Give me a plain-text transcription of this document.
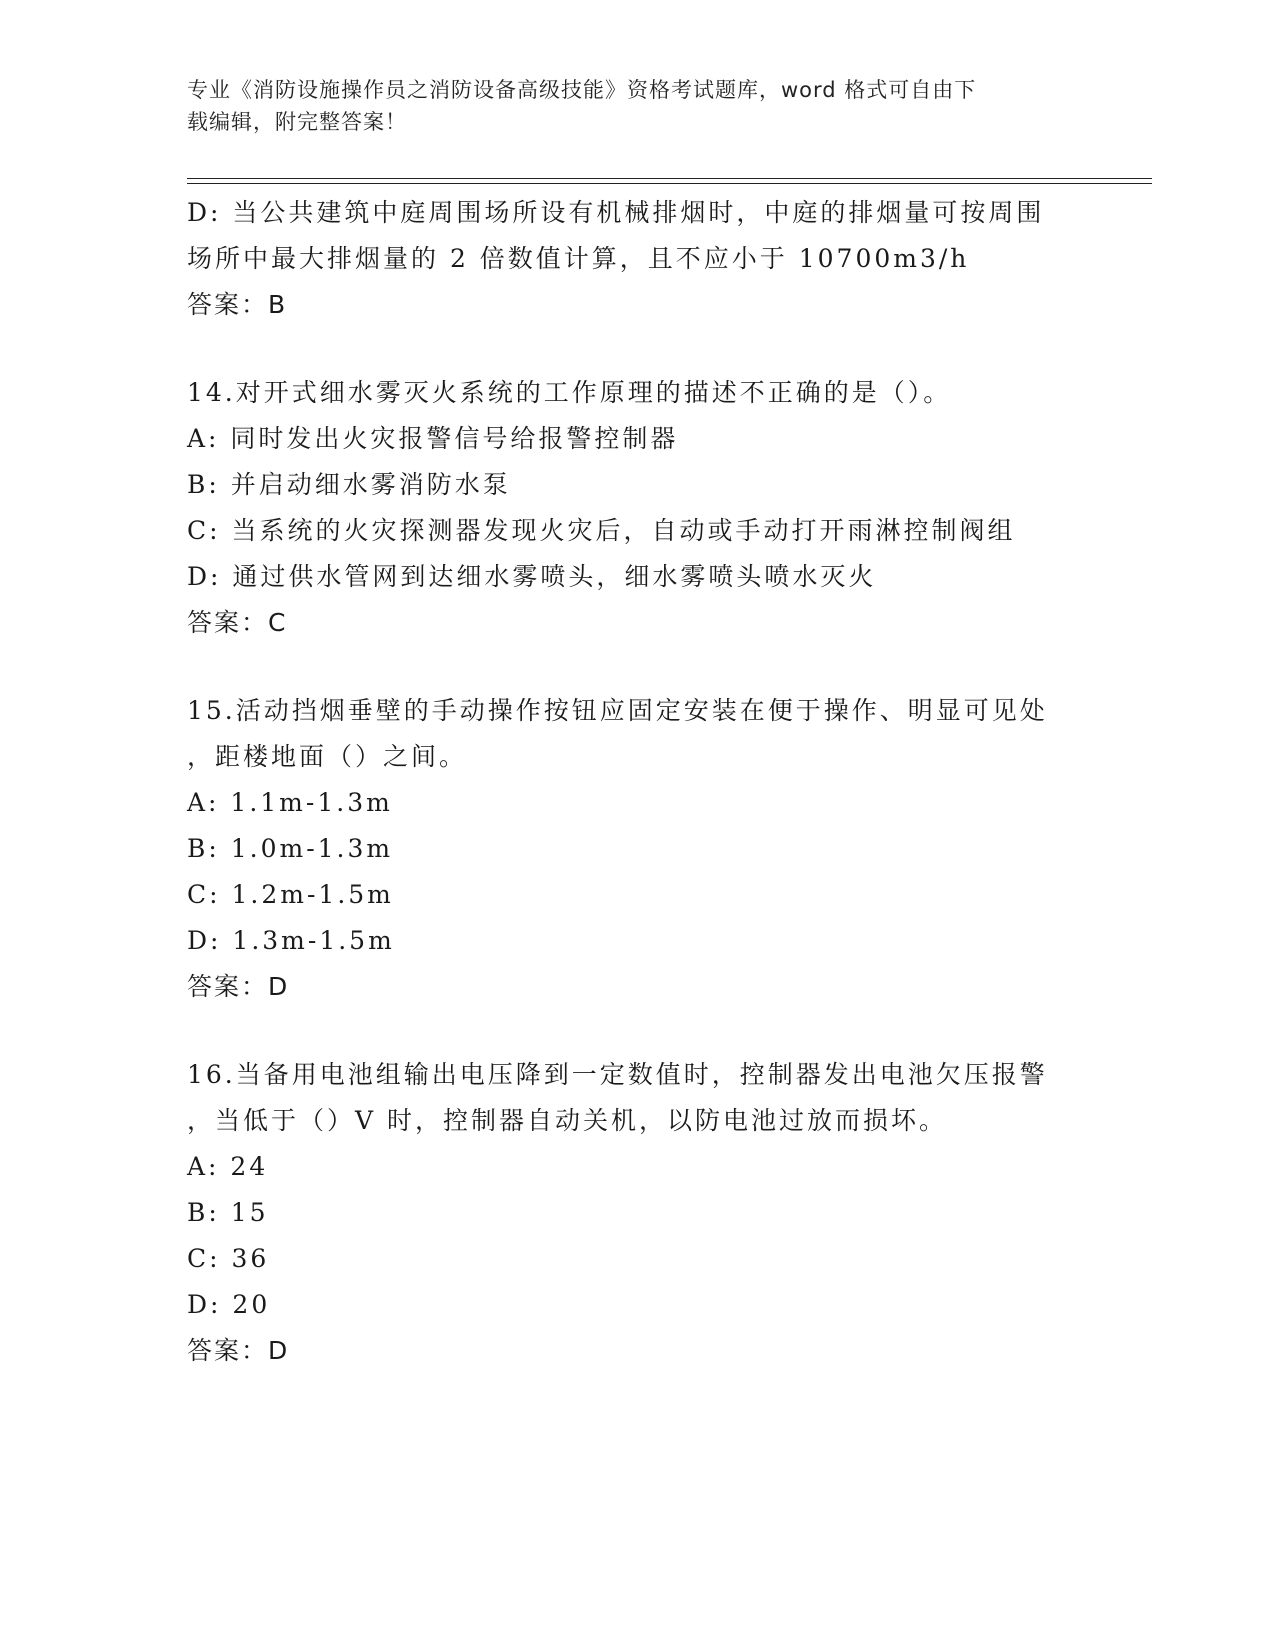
专业《消防设施操作员之消防设备高级技能》资格考试题库，word 格式可自由下
载编辑，附完整答案！
D: 当公共建筑中庭周围场所设有机械排烟时，中庭的排烟量可按周围
场所中最大排烟量的 2 倍数值计算，且不应小于 10700m3/h
答案：B
14.对开式细水雾灭火系统的工作原理的描述不正确的是（）。
A: 同时发出火灾报警信号给报警控制器
B: 并启动细水雾消防水泵
C: 当系统的火灾探测器发现火灾后，自动或手动打开雨淋控制阀组
D: 通过供水管网到达细水雾喷头，细水雾喷头喷水灭火
答案：C
15.活动挡烟垂壁的手动操作按钮应固定安装在便于操作、明显可见处
，距楼地面（）之间。
A: 1.1m-1.3m
B: 1.0m-1.3m
C: 1.2m-1.5m
D: 1.3m-1.5m
答案：D
16.当备用电池组输出电压降到一定数值时，控制器发出电池欠压报警
，当低于（）V 时，控制器自动关机，以防电池过放而损坏。
A: 24
B: 15
C: 36
D: 20
答案：D
